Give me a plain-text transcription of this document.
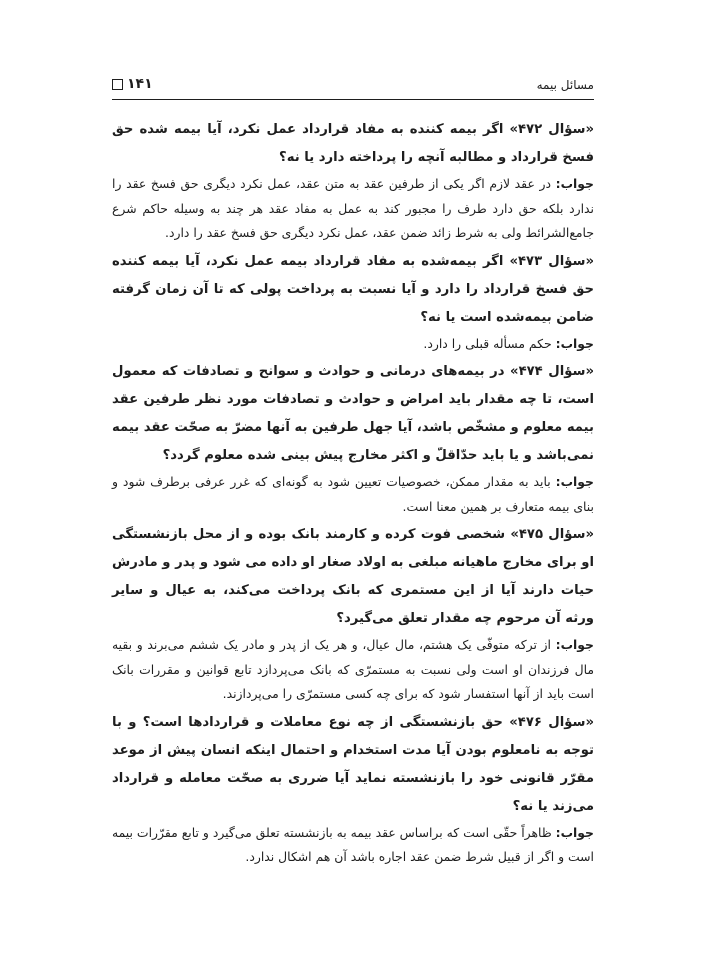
مسائل بیمه
۱۴۱

«سؤال ۴۷۲» اگر بیمه کننده به مفاد قرارداد عمل نکرد، آیا بیمه شده حق فسخ قرارداد و مطالبه آنچه را پرداخته دارد یا نه؟

جواب: در عقد لازم اگر یکی از طرفین عقد به متن عقد، عمل نکرد دیگری حق فسخ عقد را ندارد بلکه حق دارد طرف را مجبور کند به عمل به مفاد عقد هر چند به وسیله حاکم شرع جامع‌الشرائط ولی به شرط زائد ضمن عقد، عمل نکرد دیگری حق فسخ عقد را دارد.

«سؤال ۴۷۳» اگر بیمه‌شده به مفاد قرارداد بیمه عمل نکرد، آیا بیمه کننده حق فسخ قرارداد را دارد و آیا نسبت به پرداخت پولی که تا آن زمان گرفته ضامن بیمه‌شده است یا نه؟

جواب: حکم مسأله قبلی را دارد.

«سؤال ۴۷۴» در بیمه‌های درمانی و حوادث و سوانح و تصادفات که معمول است، تا چه مقدار باید امراض و حوادث و تصادفات مورد نظر طرفین عقد بیمه معلوم و مشخّص باشد، آیا جهل طرفین به آنها مضرّ به صحّت عقد بیمه نمی‌باشد و یا باید حدّاقلّ و اکثر مخارج پیش بینی شده معلوم گردد؟

جواب: باید به مقدار ممکن، خصوصیات تعیین شود به گونه‌ای که غرر عرفی برطرف شود و بنای بیمه متعارف بر همین معنا است.

«سؤال ۴۷۵» شخصی فوت کرده و کارمند بانک بوده و از محل بازنشستگی او برای مخارج ماهیانه مبلغی به اولاد صغار او داده می شود و پدر و مادرش حیات دارند آیا از این مستمری که بانک پرداخت می‌کند، به عیال و سایر ورثه آن مرحوم چه مقدار تعلق می‌گیرد؟

جواب: از ترکه متوفّی یک هشتم، مال عیال، و هر یک از پدر و مادر یک ششم می‌برند و بقیه مال فرزندان او است ولی نسبت به مستمرّی که بانک می‌پردازد تابع قوانین و مقررات بانک است باید از آنها استفسار شود که برای چه کسی مستمرّی را می‌پردازند.

«سؤال ۴۷۶» حق بازنشستگی از چه نوع معاملات و قراردادها است؟ و با توجه به نامعلوم بودن آیا مدت استخدام و احتمال اینکه انسان پیش از موعد مقرّر قانونی خود را بازنشسته نماید آیا ضرری به صحّت معامله و قرارداد می‌زند یا نه؟

جواب: ظاهراً حقّی است که براساس عقد بیمه به بازنشسته تعلق می‌گیرد و تابع مقرّرات بیمه است و اگر از قبیل شرط ضمن عقد اجاره باشد آن هم اشکال ندارد.
